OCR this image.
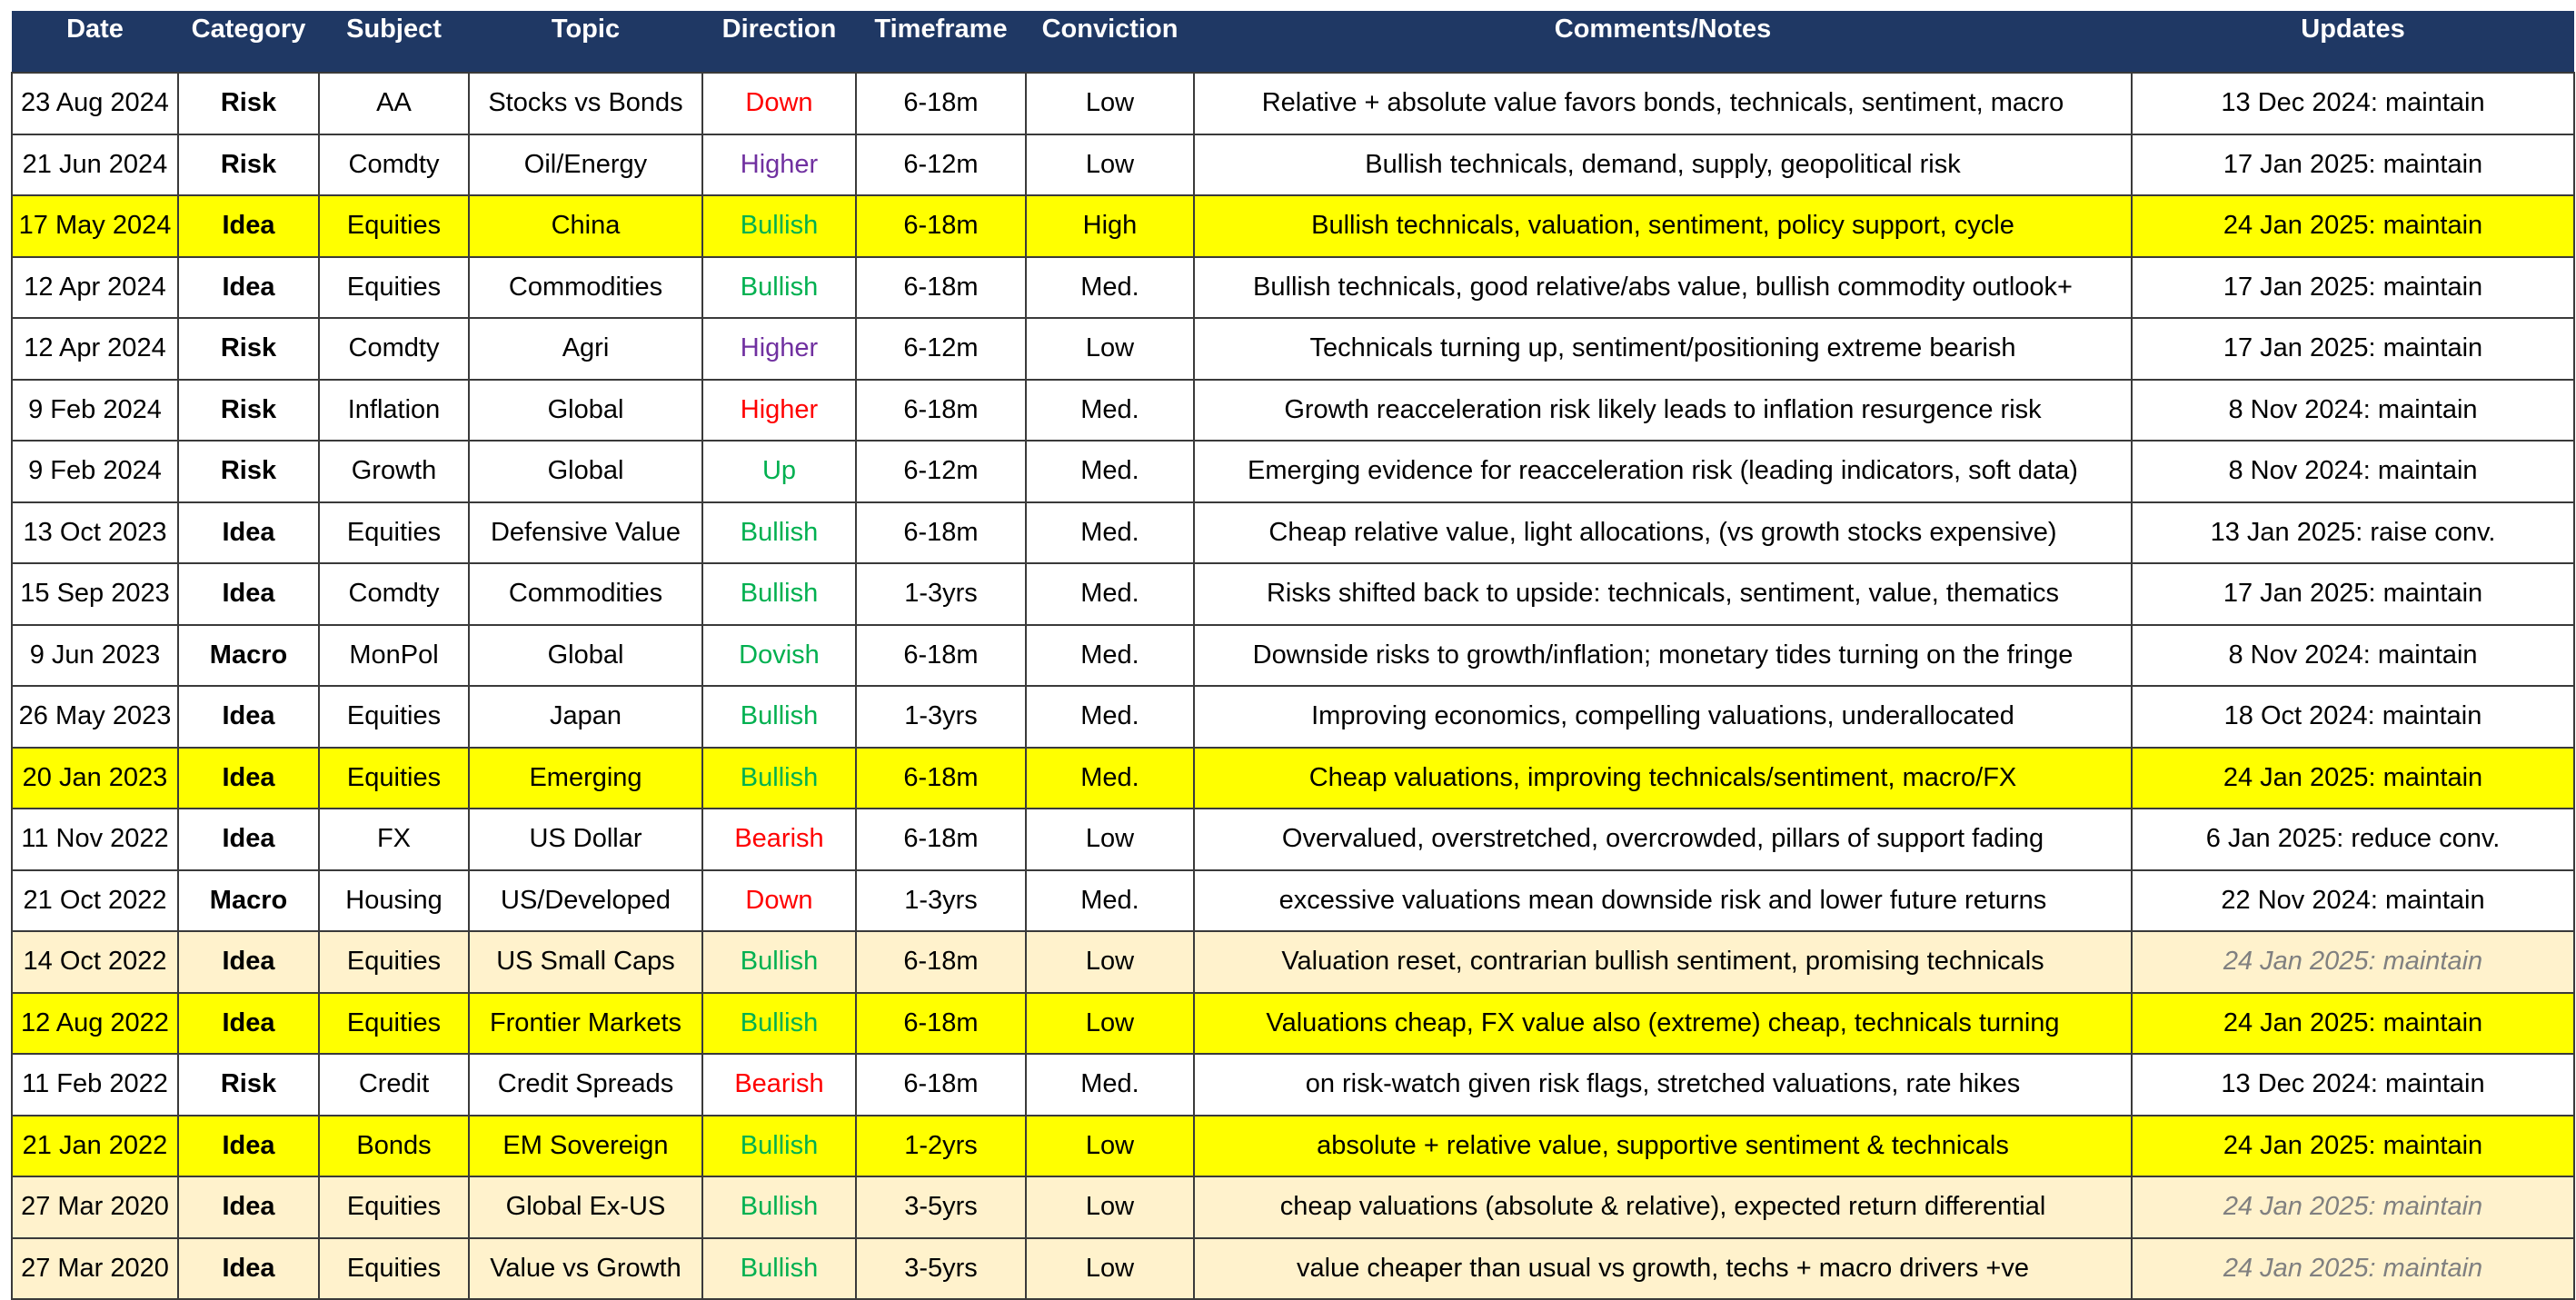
Date	Category	Subject	Topic	Direction	Timeframe	Conviction	Comments/Notes	Updates
23 Aug 2024	Risk	AA	Stocks vs Bonds	Down	6-18m	Low	Relative + absolute value favors bonds, technicals, sentiment, macro	13 Dec 2024: maintain
21 Jun 2024	Risk	Comdty	Oil/Energy	Higher	6-12m	Low	Bullish technicals, demand, supply, geopolitical risk	17 Jan 2025: maintain
17 May 2024	Idea	Equities	China	Bullish	6-18m	High	Bullish technicals, valuation, sentiment, policy support, cycle	24 Jan 2025: maintain
12 Apr 2024	Idea	Equities	Commodities	Bullish	6-18m	Med.	Bullish technicals, good relative/abs value, bullish commodity outlook+	17 Jan 2025: maintain
12 Apr 2024	Risk	Comdty	Agri	Higher	6-12m	Low	Technicals turning up, sentiment/positioning extreme bearish	17 Jan 2025: maintain
9 Feb 2024	Risk	Inflation	Global	Higher	6-18m	Med.	Growth reacceleration risk likely leads to inflation resurgence risk	8 Nov 2024: maintain
9 Feb 2024	Risk	Growth	Global	Up	6-12m	Med.	Emerging evidence for reacceleration risk (leading indicators, soft data)	8 Nov 2024: maintain
13 Oct 2023	Idea	Equities	Defensive Value	Bullish	6-18m	Med.	Cheap relative value, light allocations, (vs growth stocks expensive)	13 Jan 2025: raise conv.
15 Sep 2023	Idea	Comdty	Commodities	Bullish	1-3yrs	Med.	Risks shifted back to upside: technicals, sentiment, value, thematics	17 Jan 2025: maintain
9 Jun 2023	Macro	MonPol	Global	Dovish	6-18m	Med.	Downside risks to growth/inflation; monetary tides turning on the fringe	8 Nov 2024: maintain
26 May 2023	Idea	Equities	Japan	Bullish	1-3yrs	Med.	Improving economics, compelling valuations, underallocated	18 Oct 2024: maintain
20 Jan 2023	Idea	Equities	Emerging	Bullish	6-18m	Med.	Cheap valuations, improving technicals/sentiment, macro/FX	24 Jan 2025: maintain
11 Nov 2022	Idea	FX	US Dollar	Bearish	6-18m	Low	Overvalued, overstretched, overcrowded, pillars of support fading	6 Jan 2025: reduce conv.
21 Oct 2022	Macro	Housing	US/Developed	Down	1-3yrs	Med.	excessive valuations mean downside risk and lower future returns	22 Nov 2024: maintain
14 Oct 2022	Idea	Equities	US Small Caps	Bullish	6-18m	Low	Valuation reset, contrarian bullish sentiment, promising technicals	24 Jan 2025: maintain
12 Aug 2022	Idea	Equities	Frontier Markets	Bullish	6-18m	Low	Valuations cheap, FX value also (extreme) cheap, technicals turning	24 Jan 2025: maintain
11 Feb 2022	Risk	Credit	Credit Spreads	Bearish	6-18m	Med.	on risk-watch given risk flags, stretched valuations, rate hikes	13 Dec 2024: maintain
21 Jan 2022	Idea	Bonds	EM Sovereign	Bullish	1-2yrs	Low	absolute + relative value, supportive sentiment & technicals	24 Jan 2025: maintain
27 Mar 2020	Idea	Equities	Global Ex-US	Bullish	3-5yrs	Low	cheap valuations (absolute & relative), expected return differential	24 Jan 2025: maintain
27 Mar 2020	Idea	Equities	Value vs Growth	Bullish	3-5yrs	Low	value cheaper than usual vs growth, techs + macro drivers +ve	24 Jan 2025: maintain
